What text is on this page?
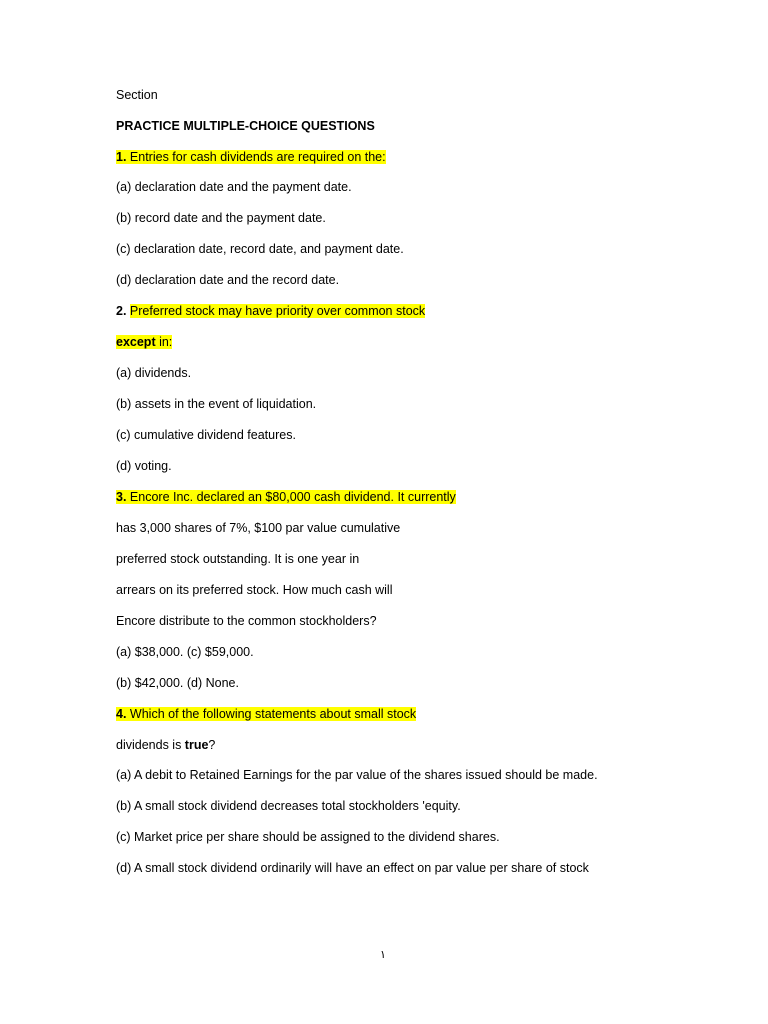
Section
PRACTICE MULTIPLE-CHOICE QUESTIONS
1. Entries for cash dividends are required on the:
(a) declaration date and the payment date.
(b) record date and the payment date.
(c) declaration date, record date, and payment date.
(d) declaration date and the record date.
2. Preferred stock may have priority over common stock
except in:
(a) dividends.
(b) assets in the event of liquidation.
(c) cumulative dividend features.
(d) voting.
3. Encore Inc. declared an $80,000 cash dividend. It currently
has 3,000 shares of 7%, $100 par value cumulative
preferred stock outstanding. It is one year in
arrears on its preferred stock. How much cash will
Encore distribute to the common stockholders?
(a) $38,000. (c) $59,000.
(b) $42,000. (d) None.
4. Which of the following statements about small stock
dividends is true?
(a) A debit to Retained Earnings for the par value of the shares issued should be made.
(b) A small stock dividend decreases total stockholders 'equity.
(c) Market price per share should be assigned to the dividend shares.
(d) A small stock dividend ordinarily will have an effect on par value per share of stock
١
